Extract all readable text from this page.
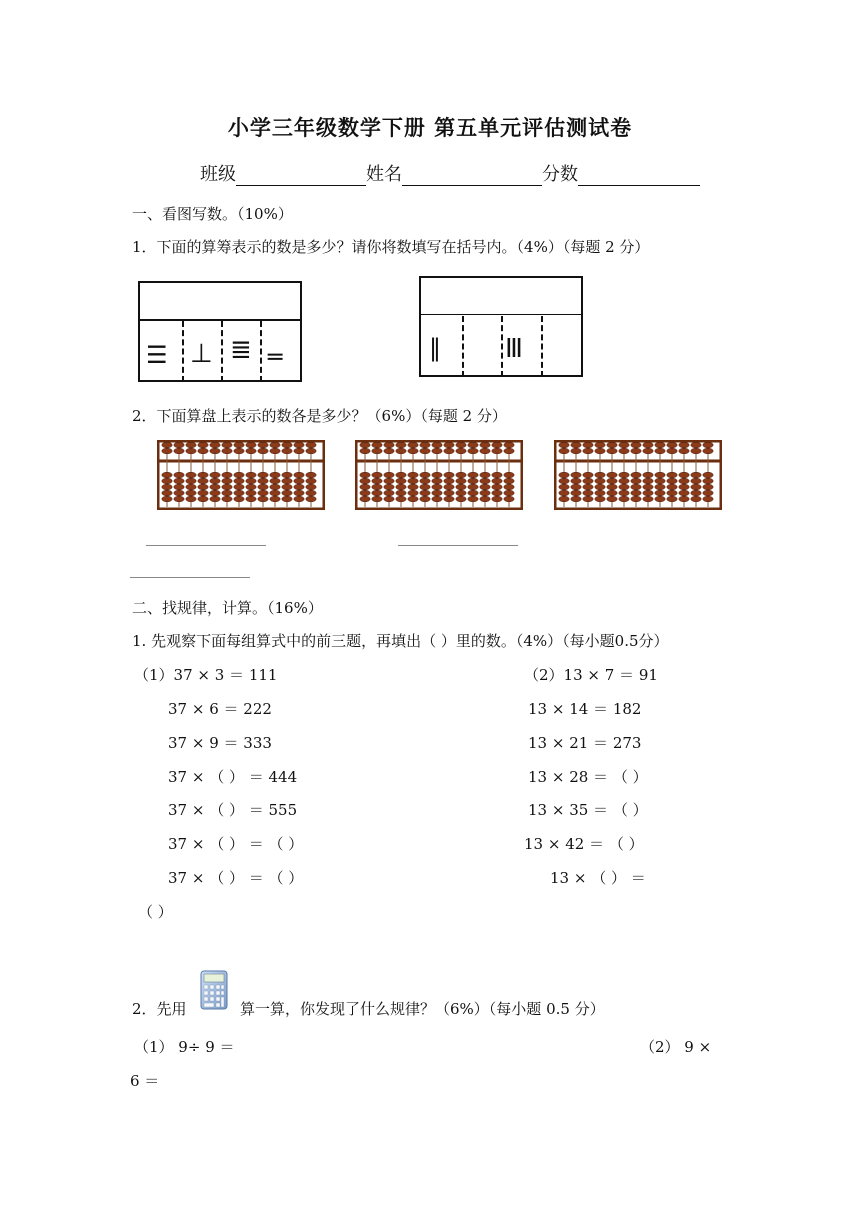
小学三年级数学下册 第五单元评估测试卷
班级	姓名	分数
一、看图写数。（10%）
1．下面的算筹表示的数是多少？请你将数填写在括号内。（4%）（每题 2 分）
☰ ⊥ ≣ ═	‖ Ⅲ
2．下面算盘上表示的数各是多少？（6%）（每题 2 分）
二、找规律，计算。（16%）
1. 先观察下面每组算式中的前三题，再填出（ ）里的数。（4%）（每小题0.5分）
（1）37 × 3 ＝ 111
37 × 6 ＝ 222
37 × 9 ＝ 333
37 × （ ） ＝ 444
37 × （ ） ＝ 555
37 × （ ） ＝ （ ）
37 × （ ） ＝ （ ）
（2）13 × 7 ＝ 91
13 × 14 ＝ 182
13 × 21 ＝ 273
13 × 28 ＝ （ ）
13 × 35 ＝ （ ）
13 × 42 ＝ （ ）
13 × （ ） ＝
（ ）
2．先用	算一算，你发现了什么规律？（6%）（每小题 0.5 分）
（1） 9÷ 9 ＝	（2） 9 ×
6 ＝
